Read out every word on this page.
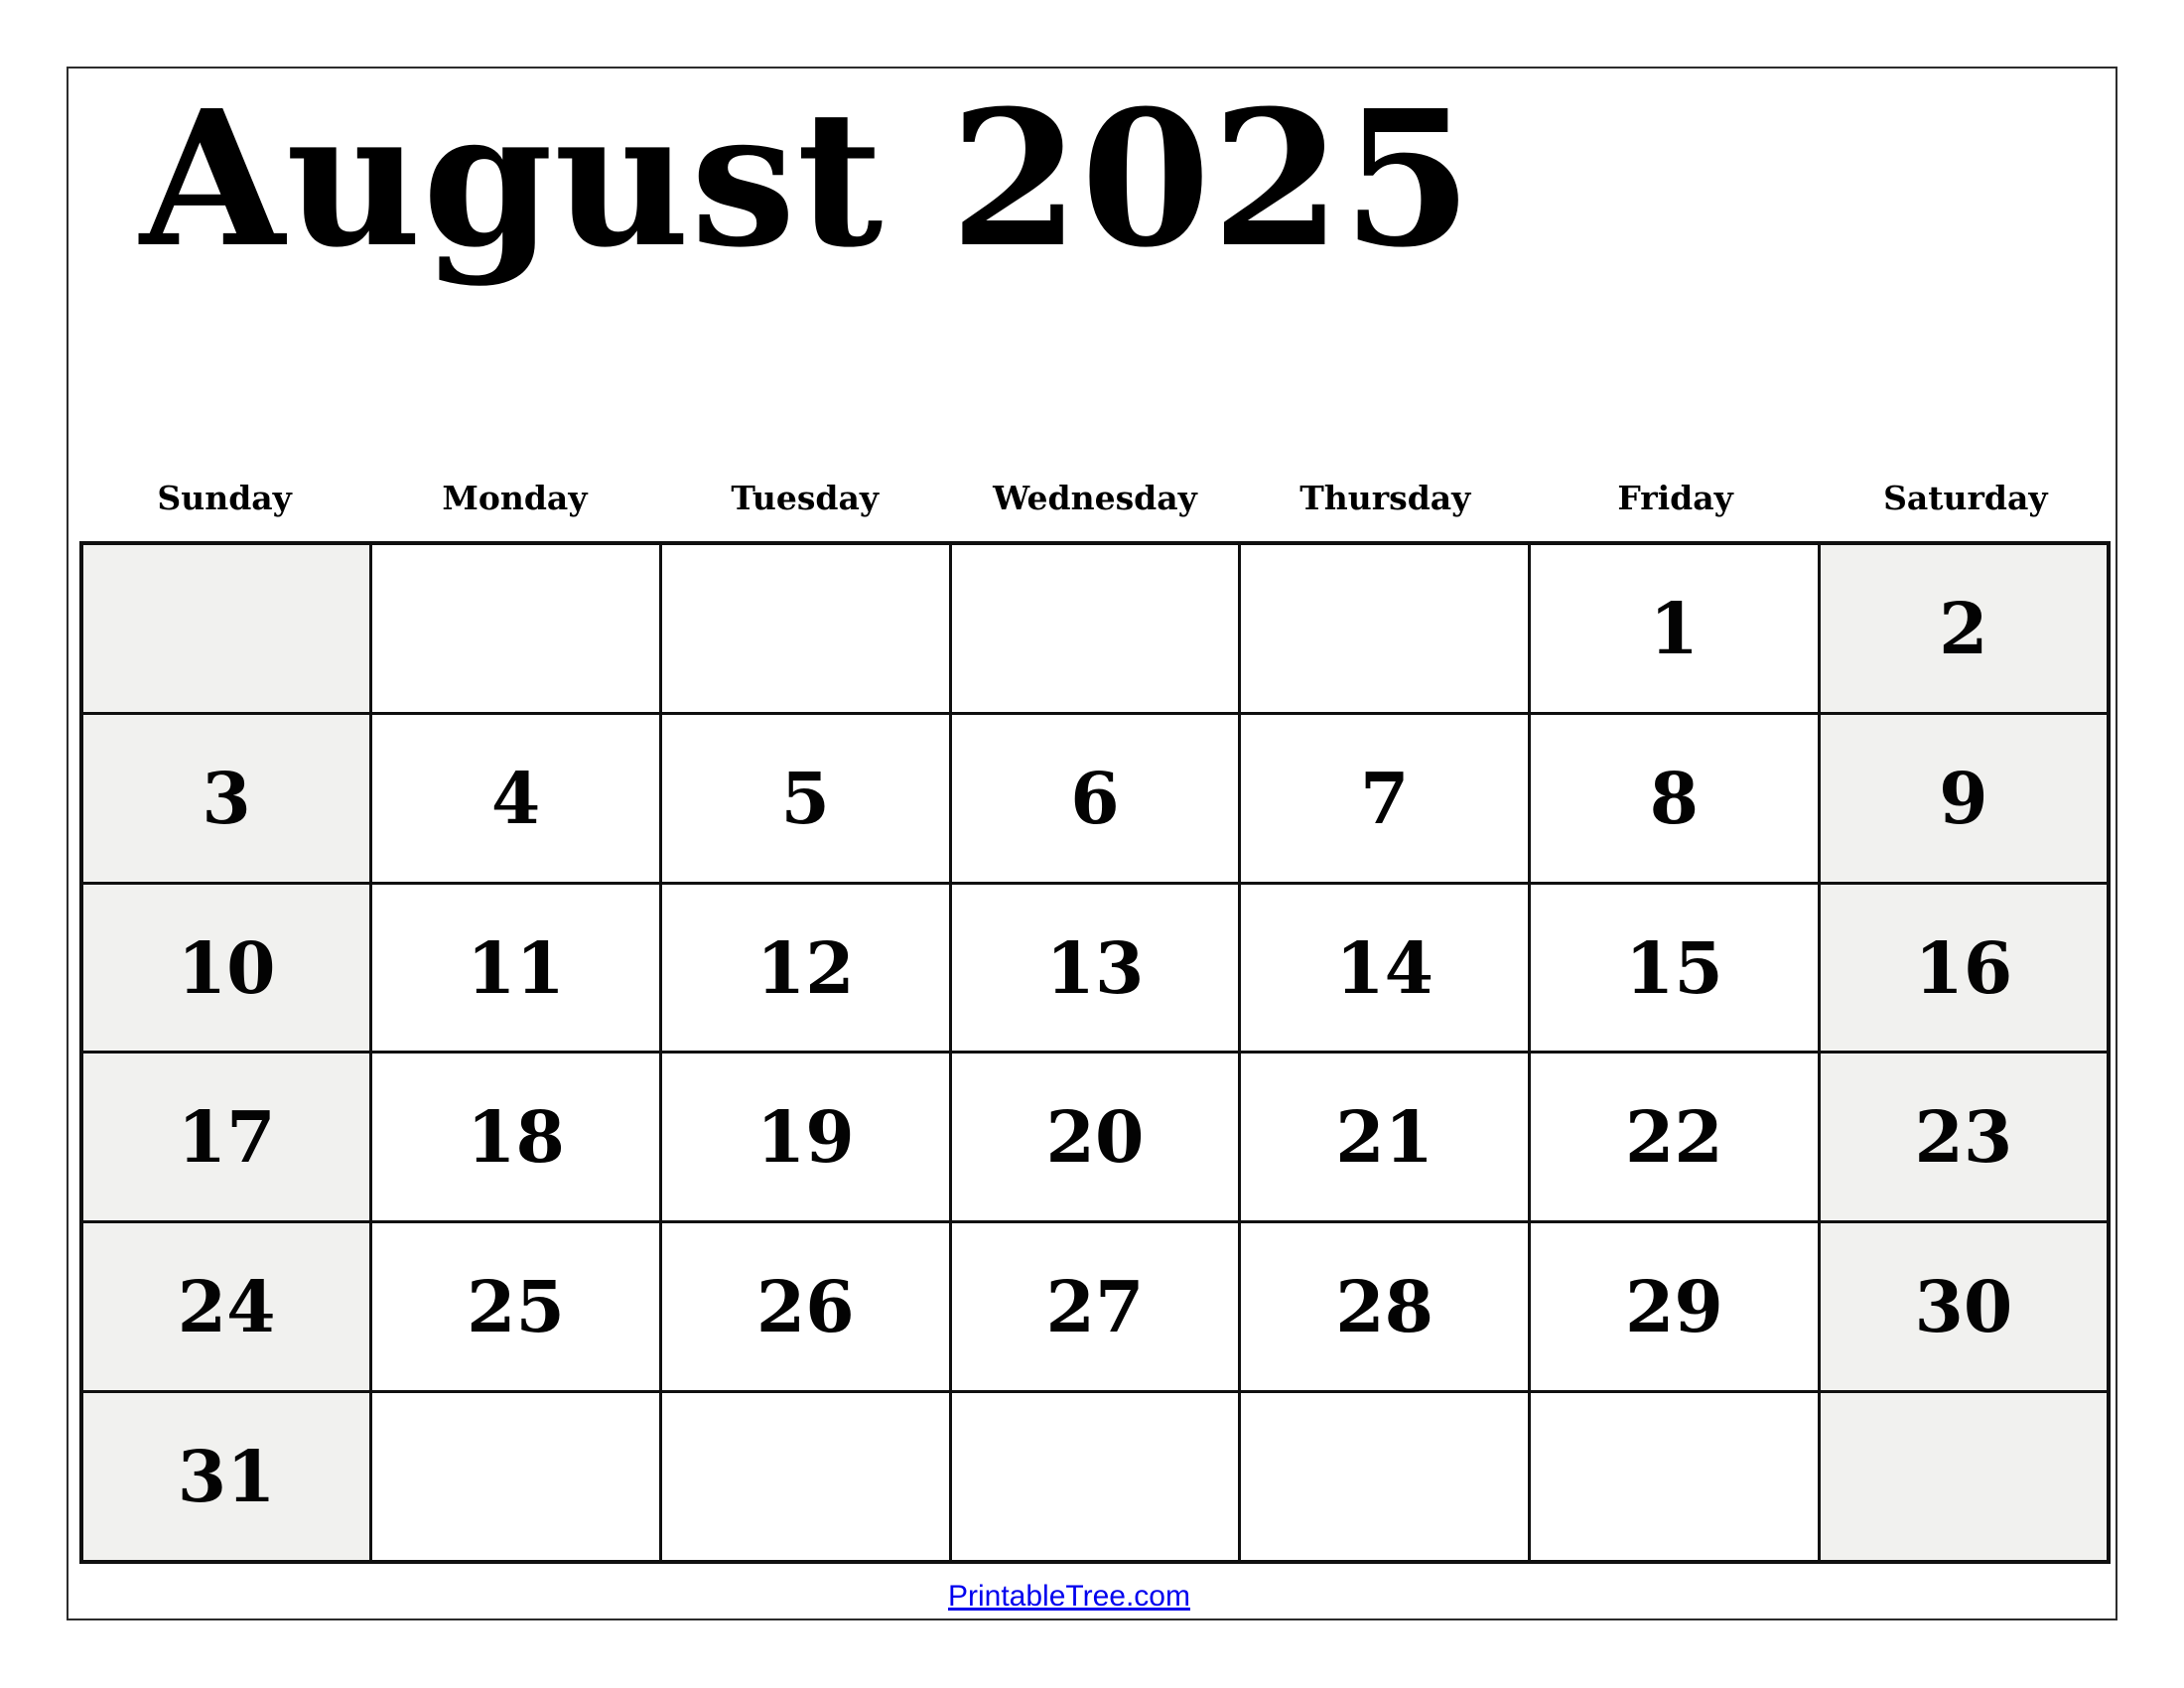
August 2025
Sunday	Monday	Tuesday	Wednesday	Thursday	Friday	Saturday
					1	2
3	4	5	6	7	8	9
10	11	12	13	14	15	16
17	18	19	20	21	22	23
24	25	26	27	28	29	30
31						
PrintableTree.com
